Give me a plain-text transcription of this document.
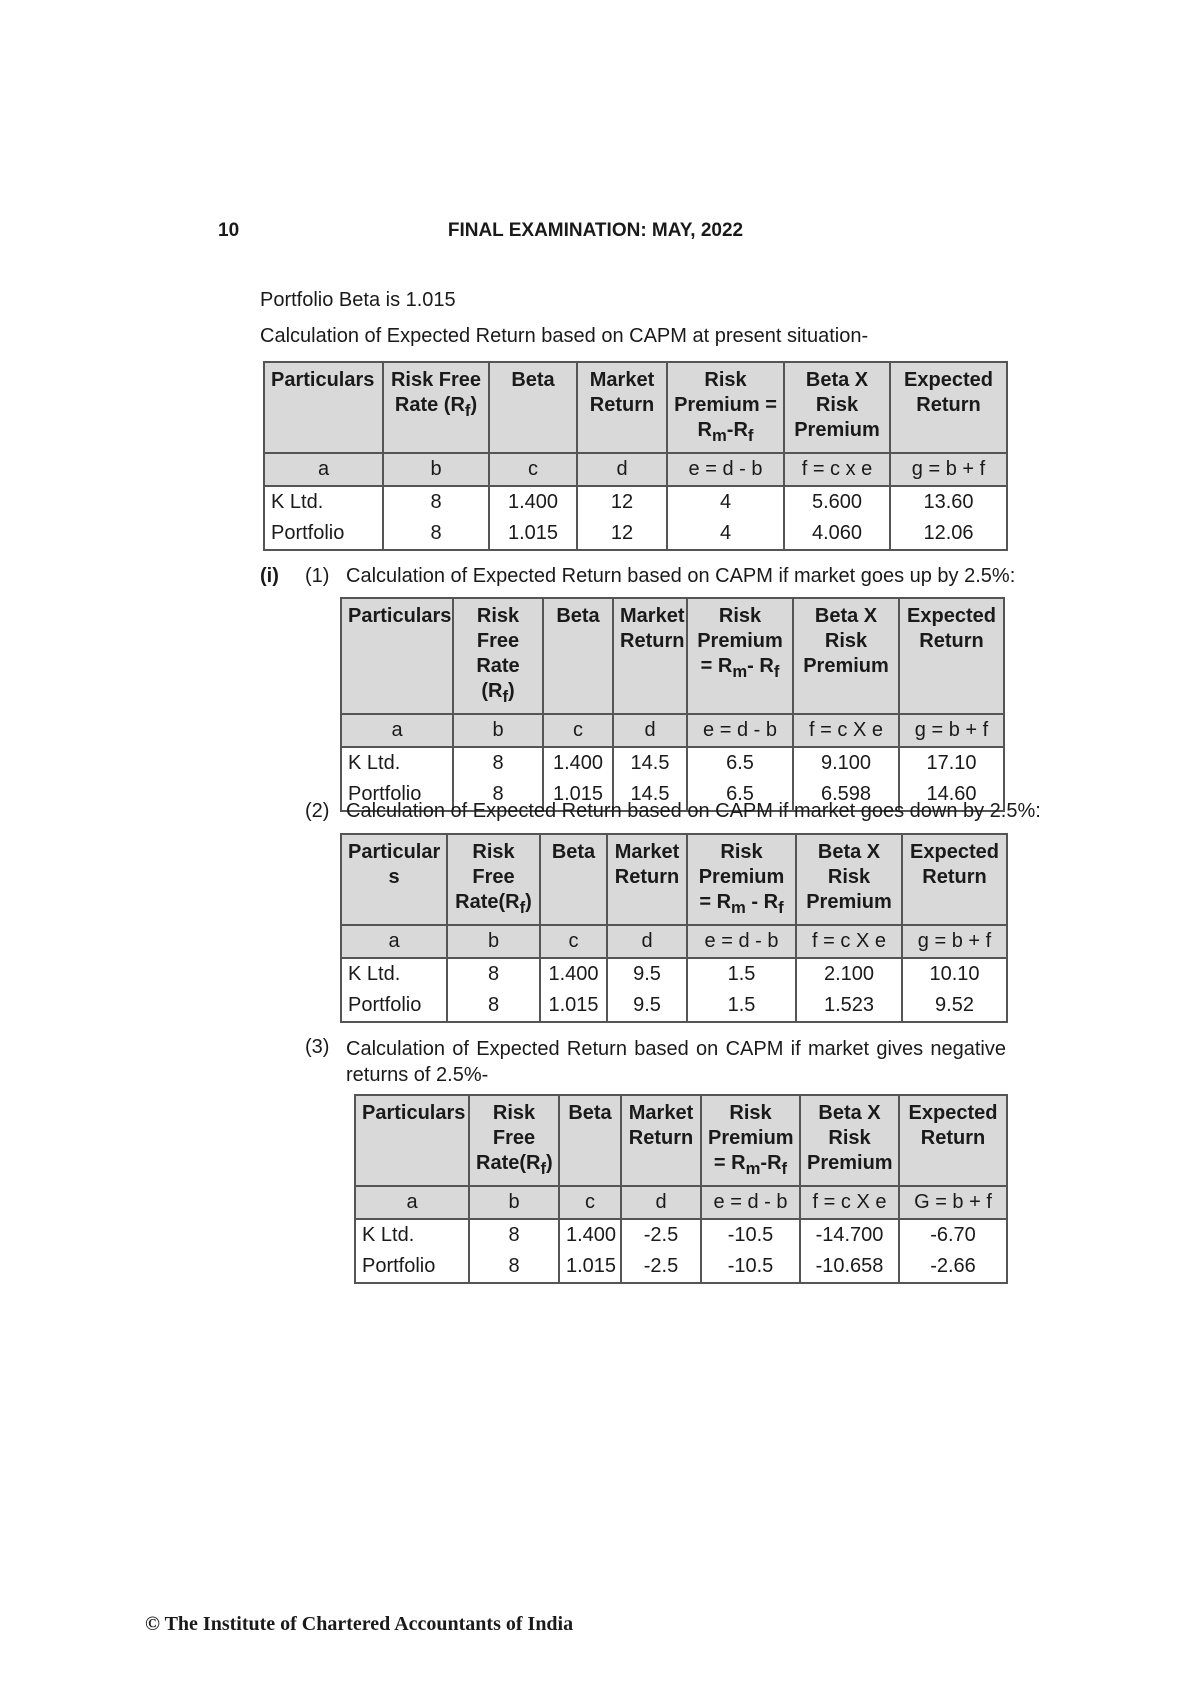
10	FINAL EXAMINATION: MAY, 2022
Portfolio Beta is 1.015
Calculation of Expected Return based on CAPM at present situation-
Particulars	Risk Free Rate $(R_f)$	Beta	Market Return	Risk Premium = $R_m-R_f$	Beta X Risk Premium	Expected Return
a	b	c	d	e = d - b	f = c x e	g = b + f
K Ltd.	8	1.400	12	4	5.600	13.60
Portfolio	8	1.015	12	4	4.060	12.06
(i) (1) Calculation of Expected Return based on CAPM if market goes up by 2.5%:
Particulars	Risk Free Rate $(R_f)$	Beta	Market Return	Risk Premium = $R_m-$ $R_f$	Beta X Risk Premium	Expected Return
a	b	c	d	e = d - b	f = c X e	g = b + f
K Ltd.	8	1.400	14.5	6.5	9.100	17.10
Portfolio	8	1.015	14.5	6.5	6.598	14.60
(2) Calculation of Expected Return based on CAPM if market goes down by 2.5%:
Particular s	Risk Free $Rate(R_f)$	Beta	Market Return	Risk Premium = $R_m - R_f$	Beta X Risk Premium	Expected Return
a	b	c	d	e = d - b	f = c X e	g = b + f
K Ltd.	8	1.400	9.5	1.5	2.100	10.10
Portfolio	8	1.015	9.5	1.5	1.523	9.52
(3) Calculation of Expected Return based on CAPM if market gives negative returns of 2.5%-
Particulars	Risk Free $Rate(R_f)$	Beta	Market Return	Risk Premium = $R_m-R_f$	Beta X Risk Premium	Expected Return
a	b	c	d	e = d - b	f = c X e	G = b + f
K Ltd.	8	1.400	-2.5	-10.5	-14.700	-6.70
Portfolio	8	1.015	-2.5	-10.5	-10.658	-2.66
© The Institute of Chartered Accountants of India
